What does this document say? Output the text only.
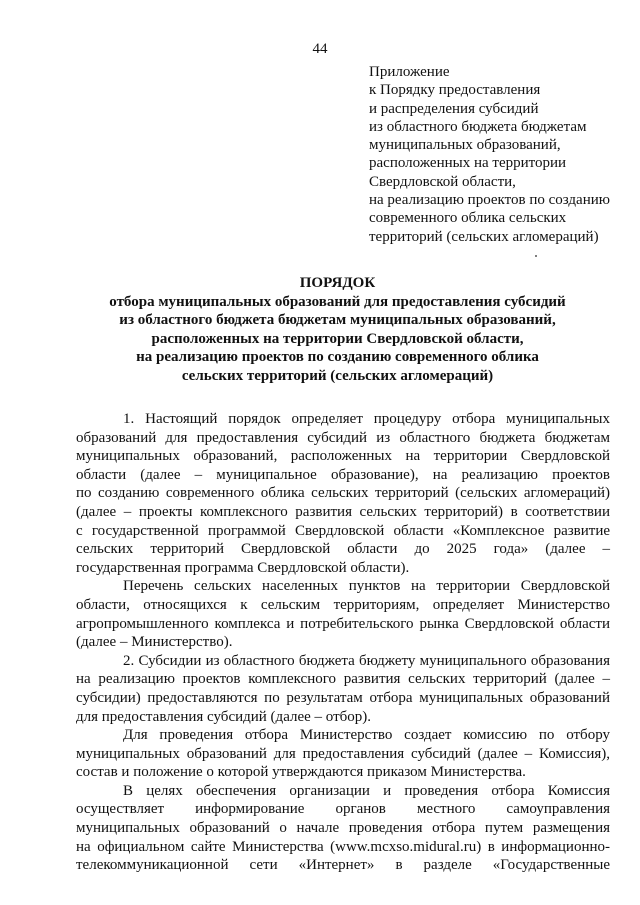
44
Приложение
к Порядку предоставления
и распределения субсидий
из областного бюджета бюджетам
муниципальных образований,
расположенных на территории
Свердловской области,
на реализацию проектов по созданию
современного облика сельских
территорий (сельских агломераций)
ПОРЯДОК
отбора муниципальных образований для предоставления субсидий
из областного бюджета бюджетам муниципальных образований,
расположенных на территории Свердловской области,
на реализацию проектов по созданию современного облика
сельских территорий (сельских агломераций)
1. Настоящий порядок определяет процедуру отбора муниципальных
образований для предоставления субсидий из областного бюджета бюджетам
муниципальных образований, расположенных на территории Свердловской
области (далее – муниципальное образование), на реализацию проектов
по созданию современного облика сельских территорий (сельских агломераций)
(далее – проекты комплексного развития сельских территорий) в соответствии
с государственной программой Свердловской области «Комплексное развитие
сельских территорий Свердловской области до 2025 года» (далее –
государственная программа Свердловской области).
Перечень сельских населенных пунктов на территории Свердловской
области, относящихся к сельским территориям, определяет Министерство
агропромышленного комплекса и потребительского рынка Свердловской области
(далее – Министерство).
2. Субсидии из областного бюджета бюджету муниципального образования
на реализацию проектов комплексного развития сельских территорий (далее –
субсидии) предоставляются по результатам отбора муниципальных образований
для предоставления субсидий (далее – отбор).
Для проведения отбора Министерство создает комиссию по отбору
муниципальных образований для предоставления субсидий (далее – Комиссия),
состав и положение о которой утверждаются приказом Министерства.
В целях обеспечения организации и проведения отбора Комиссия
осуществляет информирование органов местного самоуправления
муниципальных образований о начале проведения отбора путем размещения
на официальном сайте Министерства (www.mcxso.midural.ru) в информационно-
телекоммуникационной сети «Интернет» в разделе «Государственные
